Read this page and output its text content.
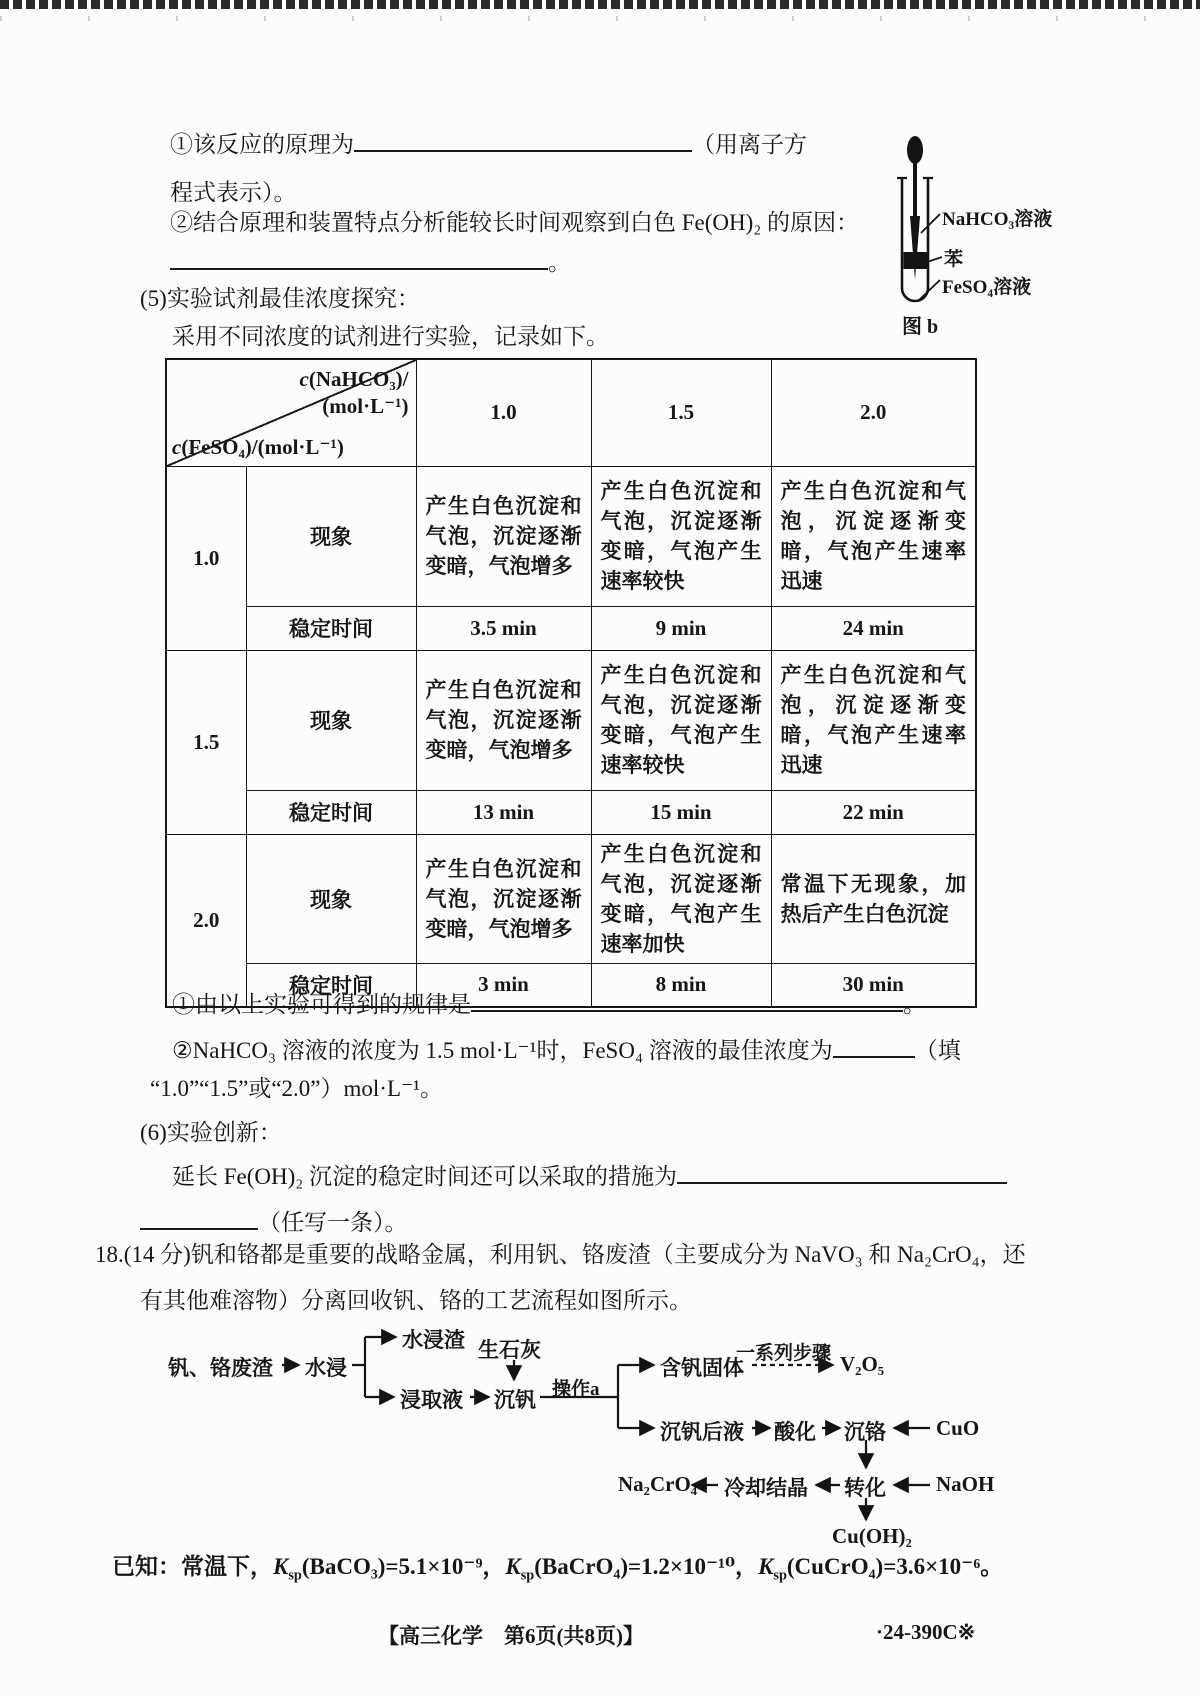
①该反应的原理为	（用离子方
程式表示）。
②结合原理和装置特点分析能较长时间观察到白色 Fe(OH)₂ 的原因：
。
(5)实验试剂最佳浓度探究：
采用不同浓度的试剂进行实验，记录如下。
NaHCO₃溶液
苯
FeSO₄溶液
图 b
c(NaHCO₃)/
(mol·L⁻¹)
c(FeSO₄)/(mol·L⁻¹)		1.0	1.5	2.0
1.0	现象	产生白色沉淀和气泡，沉淀逐渐变暗，气泡增多	产生白色沉淀和气泡，沉淀逐渐变暗，气泡产生速率较快	产生白色沉淀和气泡，沉淀逐渐变暗，气泡产生速率迅速
	稳定时间	3.5 min	9 min	24 min
1.5	现象	产生白色沉淀和气泡，沉淀逐渐变暗，气泡增多	产生白色沉淀和气泡，沉淀逐渐变暗，气泡产生速率较快	产生白色沉淀和气泡，沉淀逐渐变暗，气泡产生速率迅速
	稳定时间	13 min	15 min	22 min
2.0	现象	产生白色沉淀和气泡，沉淀逐渐变暗，气泡增多	产生白色沉淀和气泡，沉淀逐渐变暗，气泡产生速率加快	常温下无现象，加热后产生白色沉淀
	稳定时间	3 min	8 min	30 min
①由以上实验可得到的规律是	。
②NaHCO₃ 溶液的浓度为 1.5 mol·L⁻¹时，FeSO₄ 溶液的最佳浓度为	（填
“1.0”“1.5”或“2.0”）mol·L⁻¹。
(6)实验创新：
延长 Fe(OH)₂ 沉淀的稳定时间还可以采取的措施为
（任写一条）。
18.(14 分)钒和铬都是重要的战略金属，利用钒、铬废渣（主要成分为 NaVO₃ 和 Na₂CrO₄，还
有其他难溶物）分离回收钒、铬的工艺流程如图所示。
钒、铬废渣 水浸
水浸渣
浸取液
生石灰
沉钒 操作a
含钒固体
一系列步骤 V₂O₅
沉钒后液 酸化 沉铬 CuO
转化 NaOH
冷却结晶
Na₂CrO₄
Cu(OH)₂
已知：常温下，$K_{sp}(BaCO_3)=5.1\times 10^{-9}$，$K_{sp}(BaCrO_4)=1.2\times 10^{-10}$，$K_{sp}(CuCrO_4)=3.6\times 10^{-6}$。
【高三化学　第6页(共8页)】	·24-390C※
